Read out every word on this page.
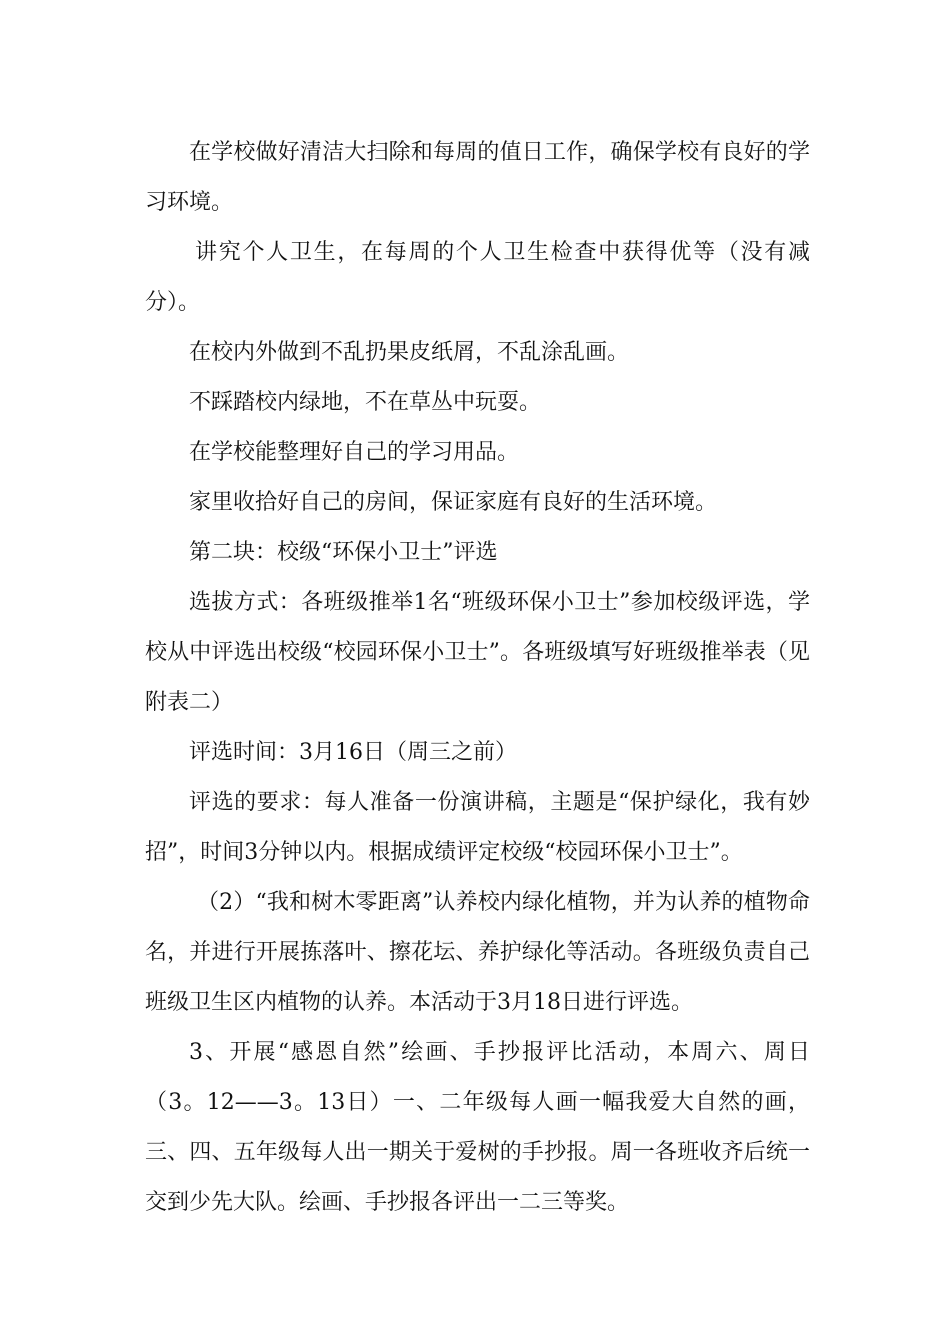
在学校做好清洁大扫除和每周的值日工作，确保学校有良好的学习环境。

讲究个人卫生，在每周的个人卫生检查中获得优等（没有减分）。

在校内外做到不乱扔果皮纸屑，不乱涂乱画。

不踩踏校内绿地，不在草丛中玩耍。

在学校能整理好自己的学习用品。

家里收拾好自己的房间，保证家庭有良好的生活环境。

第二块：校级“环保小卫士”评选

选拔方式：各班级推举1名“班级环保小卫士”参加校级评选，学校从中评选出校级“校园环保小卫士”。各班级填写好班级推举表（见附表二）

评选时间：3月16日（周三之前）

评选的要求：每人准备一份演讲稿，主题是“保护绿化，我有妙招”，时间3分钟以内。根据成绩评定校级“校园环保小卫士”。

（2）“我和树木零距离”认养校内绿化植物，并为认养的植物命名，并进行开展拣落叶、擦花坛、养护绿化等活动。各班级负责自己班级卫生区内植物的认养。本活动于3月18日进行评选。

3、开展“感恩自然”绘画、手抄报评比活动，本周六、周日（3。12——3。13日）一、二年级每人画一幅我爱大自然的画，三、四、五年级每人出一期关于爱树的手抄报。周一各班收齐后统一交到少先大队。绘画、手抄报各评出一二三等奖。
